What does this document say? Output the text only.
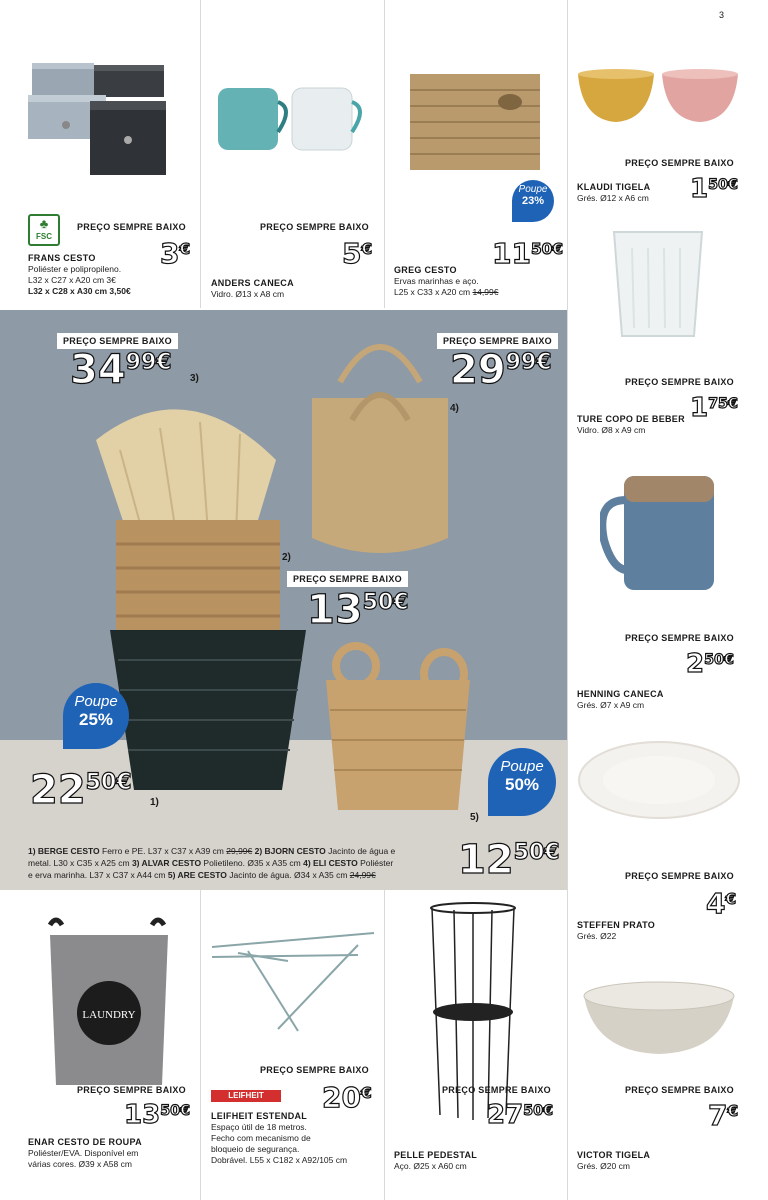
3
♣
FSC
PREÇO SEMPRE BAIXO
3€
FRANS CESTO
Poliéster e polipropileno.
L32 x C27 x A20 cm 3€
L32 x C28 x A30 cm 3,50€
PREÇO SEMPRE BAIXO
5€
ANDERS CANECA
Vidro. Ø13 x A8 cm
Poupe
23%
$11^{50€}$
GREG CESTO
Ervas marinhas e aço.
L25 x C33 x A20 cm 14,99€
PREÇO SEMPRE BAIXO
$1^{50€}$
KLAUDI TIGELA
Grés. Ø12 x A6 cm
PREÇO SEMPRE BAIXO
$1^{75€}$
TURE COPO DE BEBER
Vidro. Ø8 x A9 cm
PREÇO SEMPRE BAIXO
$2^{50€}$
HENNING CANECA
Grés. Ø7 x A9 cm
PREÇO SEMPRE BAIXO
4€
STEFFEN PRATO
Grés. Ø22
PREÇO SEMPRE BAIXO
$34^{99€}$
3)
PREÇO SEMPRE BAIXO
$29^{99€}$
4)
2)
PREÇO SEMPRE BAIXO
$13^{50€}$
Poupe
25%
$22^{50€}$
1)
Poupe
50%
5)
$12^{50€}$
1) BERGE CESTO Ferro e PE. L37 x C37 x A39 cm 29,99€ 2) BJORN CESTO Jacinto de água e
metal. L30 x C35 x A25 cm 3) ALVAR CESTO Polietileno. Ø35 x A35 cm 4) ELI CESTO Poliéster
e erva marinha. L37 x C37 x A44 cm 5) ARE CESTO Jacinto de água. Ø34 x A35 cm 24,99€
LAUNDRY
PREÇO SEMPRE BAIXO
$13^{50€}$
ENAR CESTO DE ROUPA
Poliéster/EVA. Disponível em
várias cores. Ø39 x A58 cm
PREÇO SEMPRE BAIXO
LEIFHEIT	20€
LEIFHEIT ESTENDAL
Espaço útil de 18 metros.
Fecho com mecanismo de
bloqueio de segurança.
Dobrável. L55 x C182 x A92/105 cm
PREÇO SEMPRE BAIXO
$27^{50€}$
PELLE PEDESTAL
Aço. Ø25 x A60 cm
PREÇO SEMPRE BAIXO
7€
VICTOR TIGELA
Grés. Ø20 cm
